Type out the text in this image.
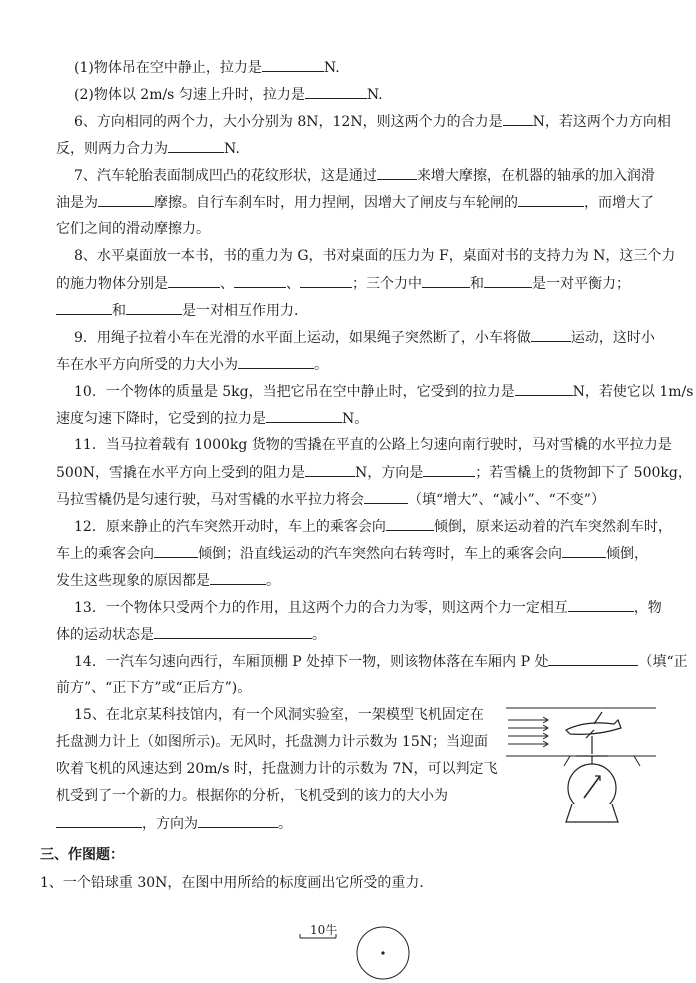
(1)物体吊在空中静止，拉力是	N.
(2)物体以 2m/s 匀速上升时，拉力是	N.
6、方向相同的两个力，大小分别为 8N，12N，则这两个力的合力是 N，若这两个力方向相
反，则两力合力为	N.
7、汽车轮胎表面制成凹凸的花纹形状，这是通过	来增大摩擦，在机器的轴承的加入润滑
油是为	摩擦。自行车刹车时，用力捏闸，因增大了闸皮与车轮闸的	，而增大了
它们之间的滑动摩擦力。
8、水平桌面放一本书，书的重力为 G，书对桌面的压力为 F，桌面对书的支持力为 N，这三个力
的施力物体分别是	、	、	；三个力中	和	是一对平衡力；
和	是一对相互作用力.
9．用绳子拉着小车在光滑的水平面上运动，如果绳子突然断了，小车将做	运动，这时小
车在水平方向所受的力大小为	。
10．一个物体的质量是 5kg，当把它吊在空中静止时，它受到的拉力是	N，若使它以 1m/s
速度匀速下降时，它受到的拉力是	N。
11．当马拉着载有 1000kg 货物的雪撬在平直的公路上匀速向南行驶时，马对雪橇的水平拉力是
500N，雪撬在水平方向上受到的阻力是	N，方向是	；若雪橇上的货物卸下了 500kg，
马拉雪橇仍是匀速行驶，马对雪橇的水平拉力将会	（填“增大”、“减小”、“不变”）
12．原来静止的汽车突然开动时，车上的乘客会向	倾倒，原来运动着的汽车突然刹车时，
车上的乘客会向	倾倒；沿直线运动的汽车突然向右转弯时，车上的乘客会向	倾倒，
发生这些现象的原因都是	。
13．一个物体只受两个力的作用，且这两个力的合力为零，则这两个力一定相互	，物
体的运动状态是	。
14．一汽车匀速向西行，车厢顶棚 P 处掉下一物，则该物体落在车厢内 P 处	（填“正
前方”、“正下方”或“正后方”)。
15、在北京某科技馆内，有一个风洞实验室，一架模型飞机固定在
托盘测力计上（如图所示)。无风时，托盘测力计示数为 15N；当迎面
吹着飞机的风速达到 20m/s 时，托盘测力计的示数为 7N，可以判定飞
机受到了一个新的力。根据你的分析，飞机受到的该力的大小为
，方向为	。
三、作图题：
1、一个铅球重 30N，在图中用所给的标度画出它所受的重力.
10牛
